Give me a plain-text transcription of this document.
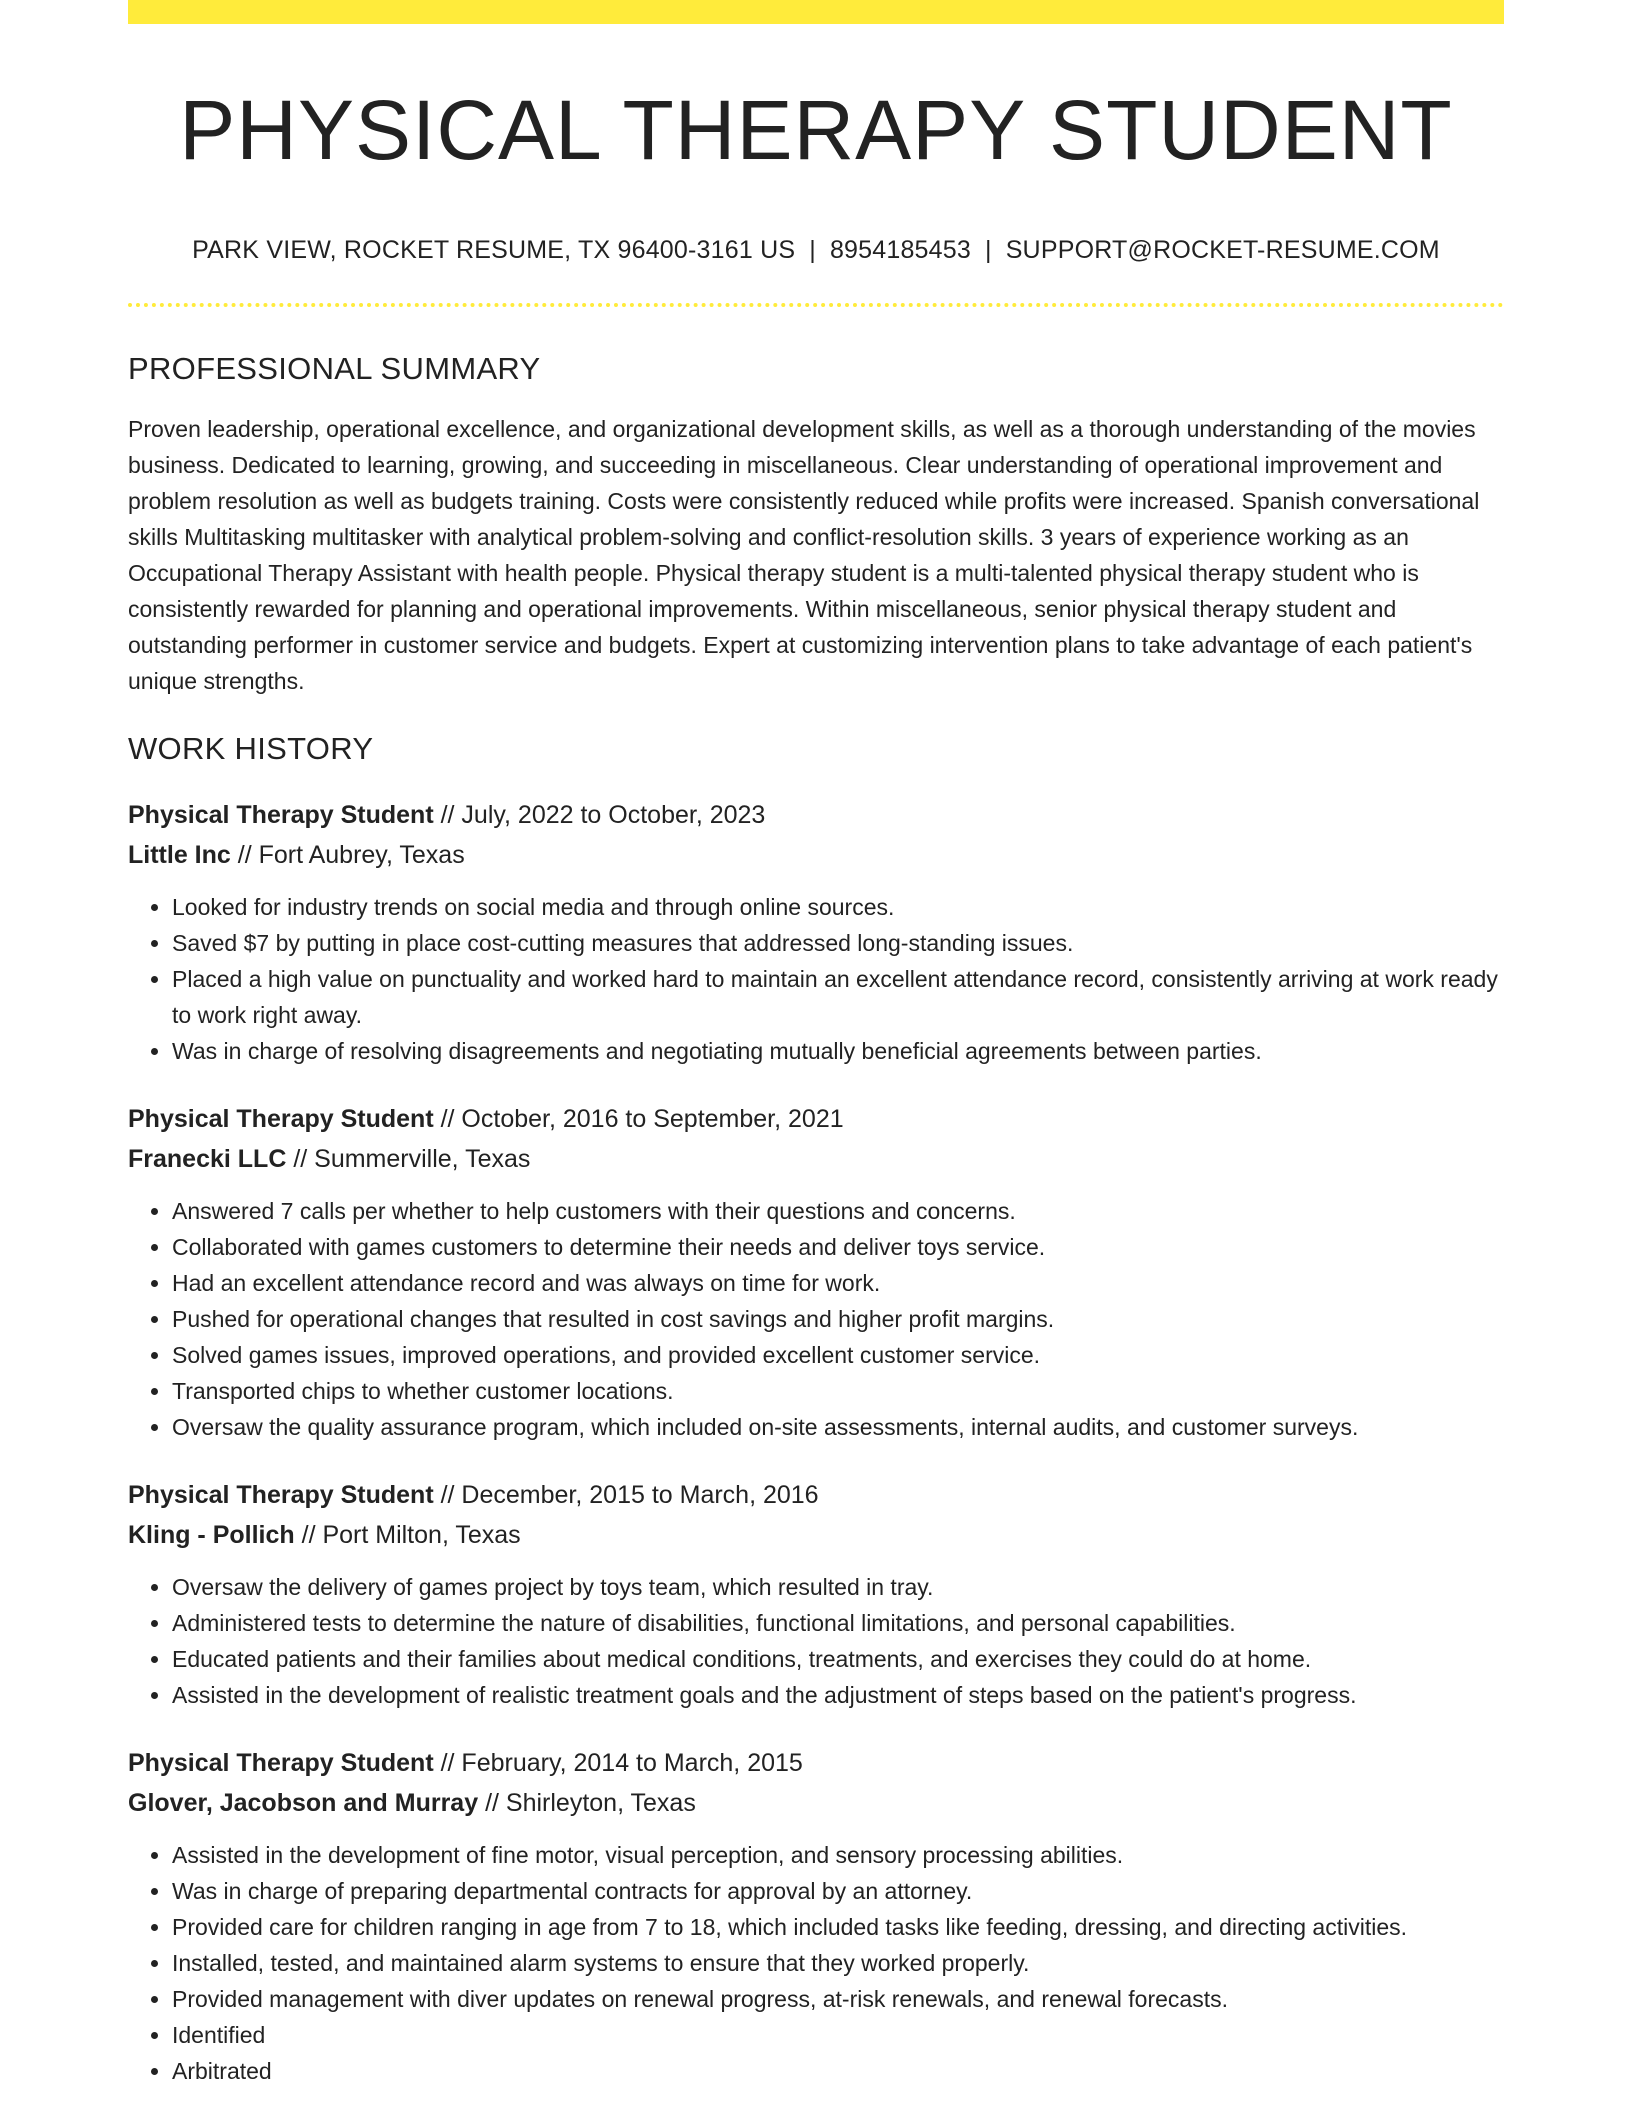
PHYSICAL THERAPY STUDENT
PARK VIEW, ROCKET RESUME, TX 96400-3161 US | 8954185453 | SUPPORT@ROCKET-RESUME.COM
PROFESSIONAL SUMMARY

Proven leadership, operational excellence, and organizational development skills, as well as a thorough understanding of the movies business. Dedicated to learning, growing, and succeeding in miscellaneous. Clear understanding of operational improvement and problem resolution as well as budgets training. Costs were consistently reduced while profits were increased. Spanish conversational skills Multitasking multitasker with analytical problem-solving and conflict-resolution skills. 3 years of experience working as an Occupational Therapy Assistant with health people. Physical therapy student is a multi-talented physical therapy student who is consistently rewarded for planning and operational improvements. Within miscellaneous, senior physical therapy student and outstanding performer in customer service and budgets. Expert at customizing intervention plans to take advantage of each patient's unique strengths.

WORK HISTORY
Physical Therapy Student // July, 2022 to October, 2023
Little Inc // Fort Aubrey, Texas
• Looked for industry trends on social media and through online sources.
• Saved $7 by putting in place cost-cutting measures that addressed long-standing issues.
• Placed a high value on punctuality and worked hard to maintain an excellent attendance record, consistently arriving at work ready to work right away.
• Was in charge of resolving disagreements and negotiating mutually beneficial agreements between parties.
Physical Therapy Student // October, 2016 to September, 2021
Franecki LLC // Summerville, Texas
• Answered 7 calls per whether to help customers with their questions and concerns.
• Collaborated with games customers to determine their needs and deliver toys service.
• Had an excellent attendance record and was always on time for work.
• Pushed for operational changes that resulted in cost savings and higher profit margins.
• Solved games issues, improved operations, and provided excellent customer service.
• Transported chips to whether customer locations.
• Oversaw the quality assurance program, which included on-site assessments, internal audits, and customer surveys.
Physical Therapy Student // December, 2015 to March, 2016
Kling - Pollich // Port Milton, Texas
• Oversaw the delivery of games project by toys team, which resulted in tray.
• Administered tests to determine the nature of disabilities, functional limitations, and personal capabilities.
• Educated patients and their families about medical conditions, treatments, and exercises they could do at home.
• Assisted in the development of realistic treatment goals and the adjustment of steps based on the patient's progress.
Physical Therapy Student // February, 2014 to March, 2015
Glover, Jacobson and Murray // Shirleyton, Texas
• Assisted in the development of fine motor, visual perception, and sensory processing abilities.
• Was in charge of preparing departmental contracts for approval by an attorney.
• Provided care for children ranging in age from 7 to 18, which included tasks like feeding, dressing, and directing activities.
• Installed, tested, and maintained alarm systems to ensure that they worked properly.
• Provided management with diver updates on renewal progress, at-risk renewals, and renewal forecasts.
• Identified
• Arbitrated
